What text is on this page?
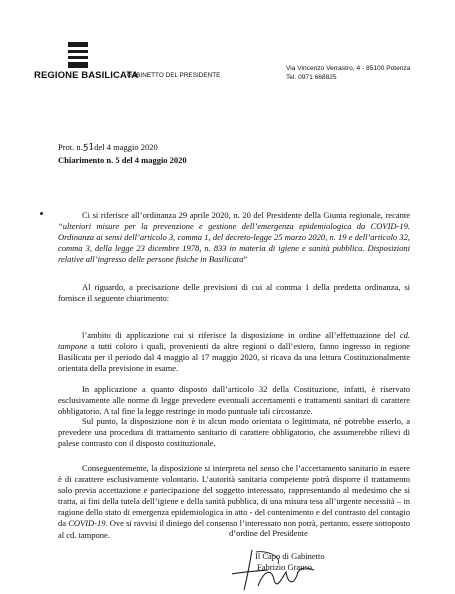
REGIONE BASILICATA
GABINETTO DEL PRESIDENTE
Via Vincenzo Verrastro, 4 - 85100 Potenza
Tel. 0971 668825
Prot. n.51del 4 maggio 2020
Chiarimento n. 5 del 4 maggio 2020

Ci si riferisce all’ordinanza 29 aprile 2020, n. 20 del Presidente della Giunta regionale, recante “ulteriori misure per la prevenzione e gestione dell’emergenza epidemiologica da COVID-19. Ordinanza ai sensi dell’articolo 3, comma 1, del decreto-legge 25 marzo 2020, n. 19 e dell’articolo 32, comma 3, della legge 23 dicembre 1978, n. 833 in materia di igiene e sanità pubblica. Disposizioni relative all’ingresso delle persone fisiche in Basilicata”

Al riguardo, a precisazione delle previsioni di cui al comma 1 della predetta ordinanza, si fornisce il seguente chiarimento:

l’ambito di applicazione cui si riferisce la disposizione in ordine all’effettuazione del cd. tampone a tutti coloro i quali, provenienti da altre regioni o dall’estero, fanno ingresso in regione Basilicata per il periodo dal 4 maggio al 17 maggio 2020, si ricava da una lettura Costituzionalmente orientata della previsione in esame.

In applicazione a quanto disposto dall’articolo 32 della Costituzione, infatti, è riservato esclusivamente alle norme di legge prevedere eventuali accertamenti e trattamenti sanitari di carattere obbligatorio. A tal fine la legge restringe in modo puntuale tali circostanze.

Sul punto, la disposizione non è in alcun modo orientata o legittimata, né potrebbe esserlo, a prevedere una procedura di trattamento sanitario di carattere obbligatorio, che assumerebbe rilievi di palese contrasto con il disposto costituzionale.

Conseguentemente, la disposizione si interpreta nel senso che l’accertamento sanitario in essere è di carattere esclusivamente volontario. L’autorità sanitaria competente potrà disporre il trattamento solo previa accettazione e partecipazione del soggetto interessato, rappresentando al medesimo che si tratta, ai fini della tutela dell’igiene e della sanità pubblica, di una misura tesa all’urgente necessità – in ragione dello stato di emergenza epidemiologica in atto - del contenimento e del contrasto del contagio da COVID-19. Ove si ravvisi il diniego del consenso l’interessato non potrà, pertanto, essere sottoposto al cd. tampone.	d’ordine del Presidente
Il Capo di Gabinetto
Fabrizio Grauso
